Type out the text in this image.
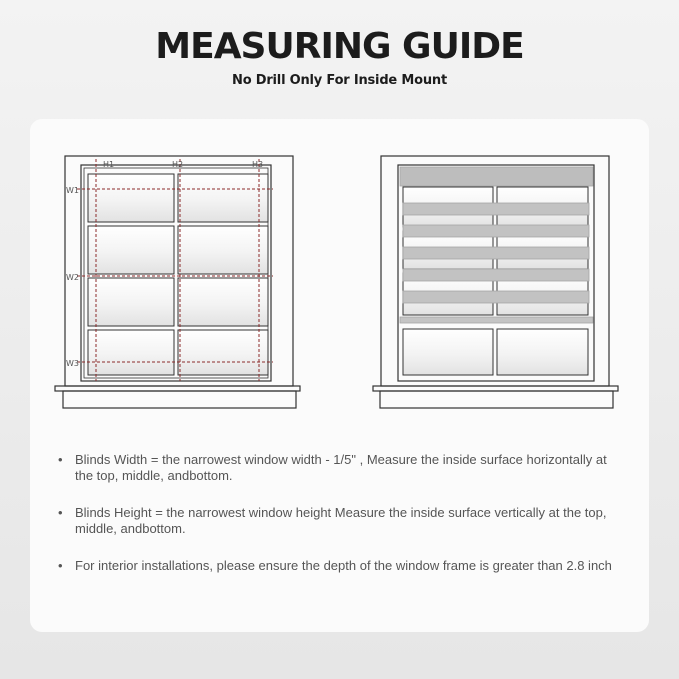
MEASURING GUIDE
No Drill Only For Inside Mount
H1	H2	H3
W1
W2
W3
• Blinds Width = the narrowest window width - 1/5" , Measure the inside surface horizontally at the top, middle, andbottom.
• Blinds Height = the narrowest window height Measure the inside surface vertically at the top, middle, andbottom.
• For interior installations, please ensure the depth of the window frame is greater than 2.8 inch
